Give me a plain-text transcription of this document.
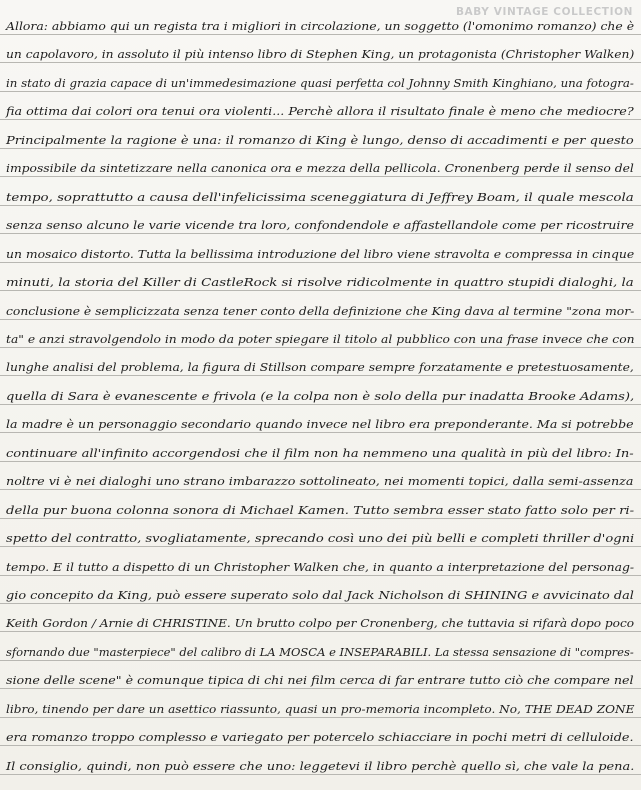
BABY VINTAGE COLLECTION
Allora: abbiamo qui un regista tra i migliori in circolazione, un soggetto (l'omonimo romanzo) che è
un capolavoro, in assoluto il più intenso libro di Stephen King, un protagonista (Christopher Walken)
in stato di grazia capace di un'immedesimazione quasi perfetta col Johnny Smith Kinghiano, una fotogra-
fia ottima dai colori ora tenui ora violenti... Perchè allora il risultato finale è meno che mediocre?
Principalmente la ragione è una: il romanzo di King è lungo, denso di accadimenti e per questo
impossibile da sintetizzare nella canonica ora e mezza della pellicola. Cronenberg perde il senso del
tempo, soprattutto a causa dell'infelicissima sceneggiatura di Jeffrey Boam, il quale mescola
senza senso alcuno le varie vicende tra loro, confondendole e affastellandole come per ricostruire
un mosaico distorto. Tutta la bellissima introduzione del libro viene stravolta e compressa in cinque
minuti, la storia del Killer di CastleRock si risolve ridicolmente in quattro stupidi dialoghi, la
conclusione è semplicizzata senza tener conto della definizione che King dava al termine "zona mor-
ta" e anzi stravolgendolo in modo da poter spiegare il titolo al pubblico con una frase invece che con
lunghe analisi del problema, la figura di Stillson compare sempre forzatamente e pretestuosamente,
quella di Sara è evanescente e frivola (e la colpa non è solo della pur inadatta Brooke Adams),
la madre è un personaggio secondario quando invece nel libro era preponderante. Ma si potrebbe
continuare all'infinito accorgendosi che il film non ha nemmeno una qualità in più del libro: In-
noltre vi è nei dialoghi uno strano imbarazzo sottolineato, nei momenti topici, dalla semi-assenza
della pur buona colonna sonora di Michael Kamen. Tutto sembra esser stato fatto solo per ri-
spetto del contratto, svogliatamente, sprecando così uno dei più belli e completi thriller d'ogni
tempo. E il tutto a dispetto di un Christopher Walken che, in quanto a interpretazione del personag-
gio concepito da King, può essere superato solo dal Jack Nicholson di SHINING e avvicinato dal
Keith Gordon / Arnie di CHRISTINE. Un brutto colpo per Cronenberg, che tuttavia si rifarà dopo poco
sfornando due "masterpiece" del calibro di LA MOSCA e INSEPARABILI. La stessa sensazione di "compres-
sione delle scene" è comunque tipica di chi nei film cerca di far entrare tutto ciò che compare nel
libro, tinendo per dare un asettico riassunto, quasi un pro-memoria incompleto. No, THE DEAD ZONE
era romanzo troppo complesso e variegato per potercelo schiacciare in pochi metri di celluloide.
Il consiglio, quindi, non può essere che uno: leggetevi il libro perchè quello sì, che vale la pena.
